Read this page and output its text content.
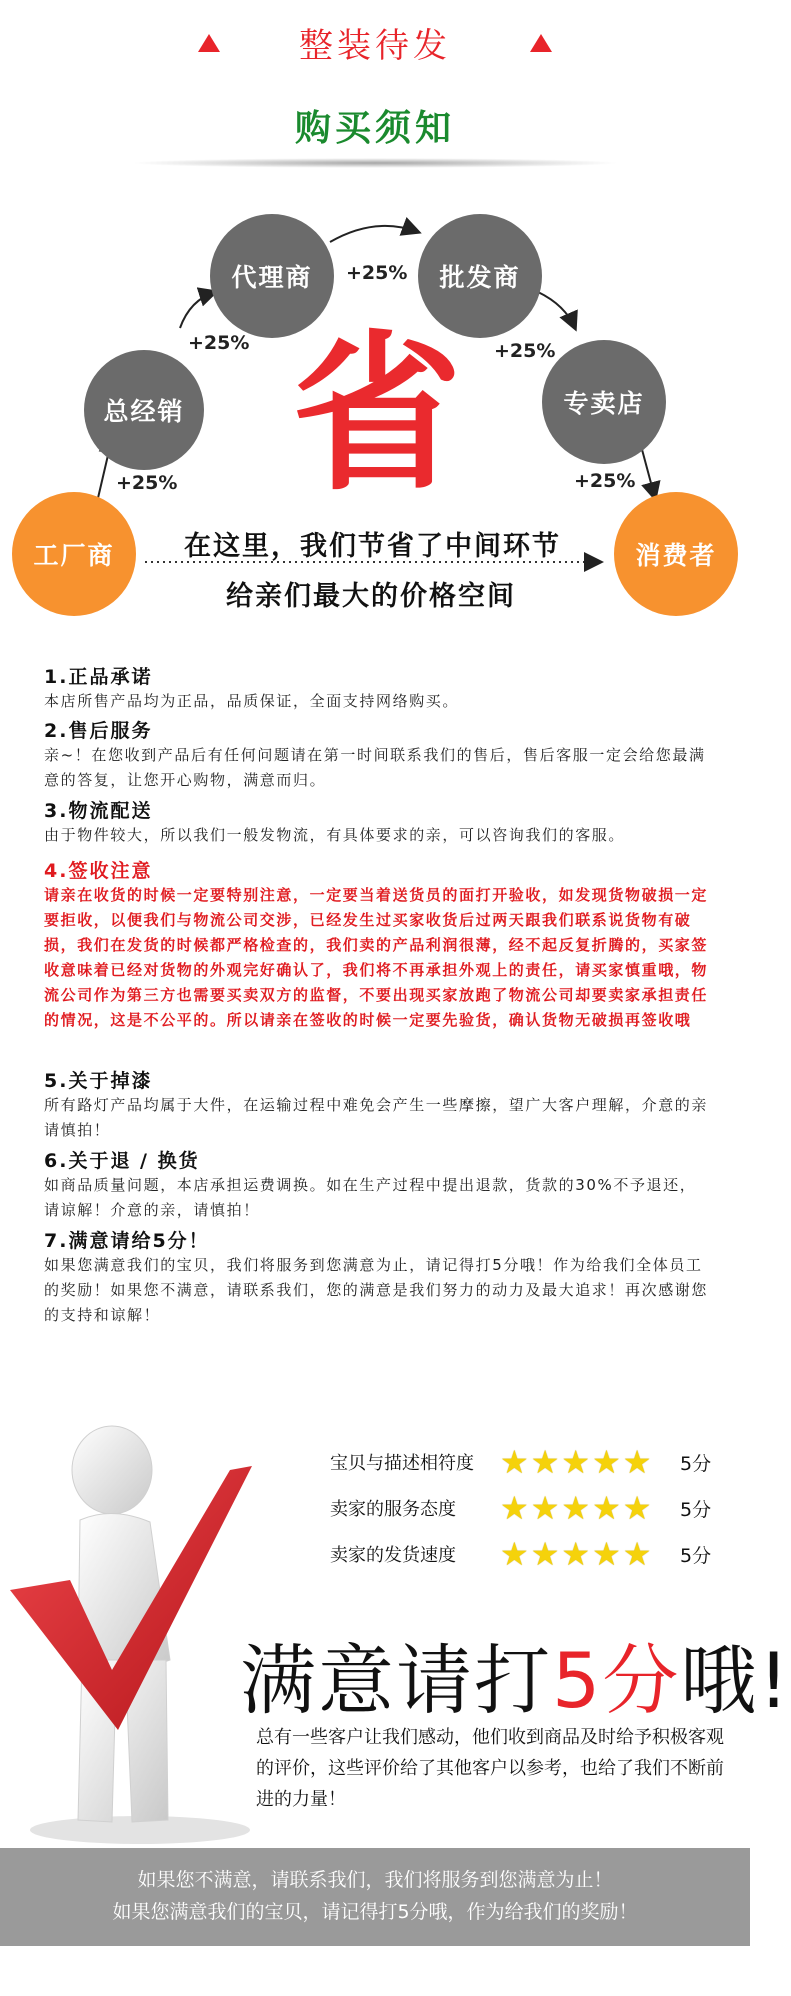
整装待发
购买须知
工厂商
总经销
代理商	批发商
专卖店
消费者
+25%
+25%
+25%
+25%
+25%
省
在这里，我们节省了中间环节
给亲们最大的价格空间

1.正品承诺

本店所售产品均为正品，品质保证，全面支持网络购买。

2.售后服务

亲~！在您收到产品后有任何问题请在第一时间联系我们的售后，售后客服一定会给您最满意的答复，让您开心购物，满意而归。

3.物流配送

由于物件较大，所以我们一般发物流，有具体要求的亲，可以咨询我们的客服。

4.签收注意

请亲在收货的时候一定要特别注意，一定要当着送货员的面打开验收，如发现货物破损一定要拒收，以便我们与物流公司交涉，已经发生过买家收货后过两天跟我们联系说货物有破损，我们在发货的时候都严格检查的，我们卖的产品利润很薄，经不起反复折腾的，买家签收意味着已经对货物的外观完好确认了，我们将不再承担外观上的责任，请买家慎重哦，物流公司作为第三方也需要买卖双方的监督，不要出现买家放跑了物流公司却要卖家承担责任的情况，这是不公平的。所以请亲在签收的时候一定要先验货，确认货物无破损再签收哦

5.关于掉漆

所有路灯产品均属于大件，在运输过程中难免会产生一些摩擦，望广大客户理解，介意的亲请慎拍！

6.关于退 / 换货

如商品质量问题，本店承担运费调换。如在生产过程中提出退款，货款的30%不予退还，请谅解！介意的亲，请慎拍！

7.满意请给5分！

如果您满意我们的宝贝，我们将服务到您满意为止，请记得打5分哦！作为给我们全体员工的奖励！如果您不满意，请联系我们，您的满意是我们努力的动力及最大追求！再次感谢您的支持和谅解！

宝贝与描述相符度 ★ ★ ★ ★ ★ 5分
卖家的服务态度	★ ★ ★ ★ ★ 5分
卖家的发货速度	★ ★ ★ ★ ★ 5分
满意请打5分哦!
总有一些客户让我们感动，他们收到商品及时给予积极客观的评价，这些评价给了其他客户以参考，也给了我们不断前进的力量！
如果您不满意，请联系我们，我们将服务到您满意为止！
如果您满意我们的宝贝，请记得打5分哦，作为给我们的奖励！
